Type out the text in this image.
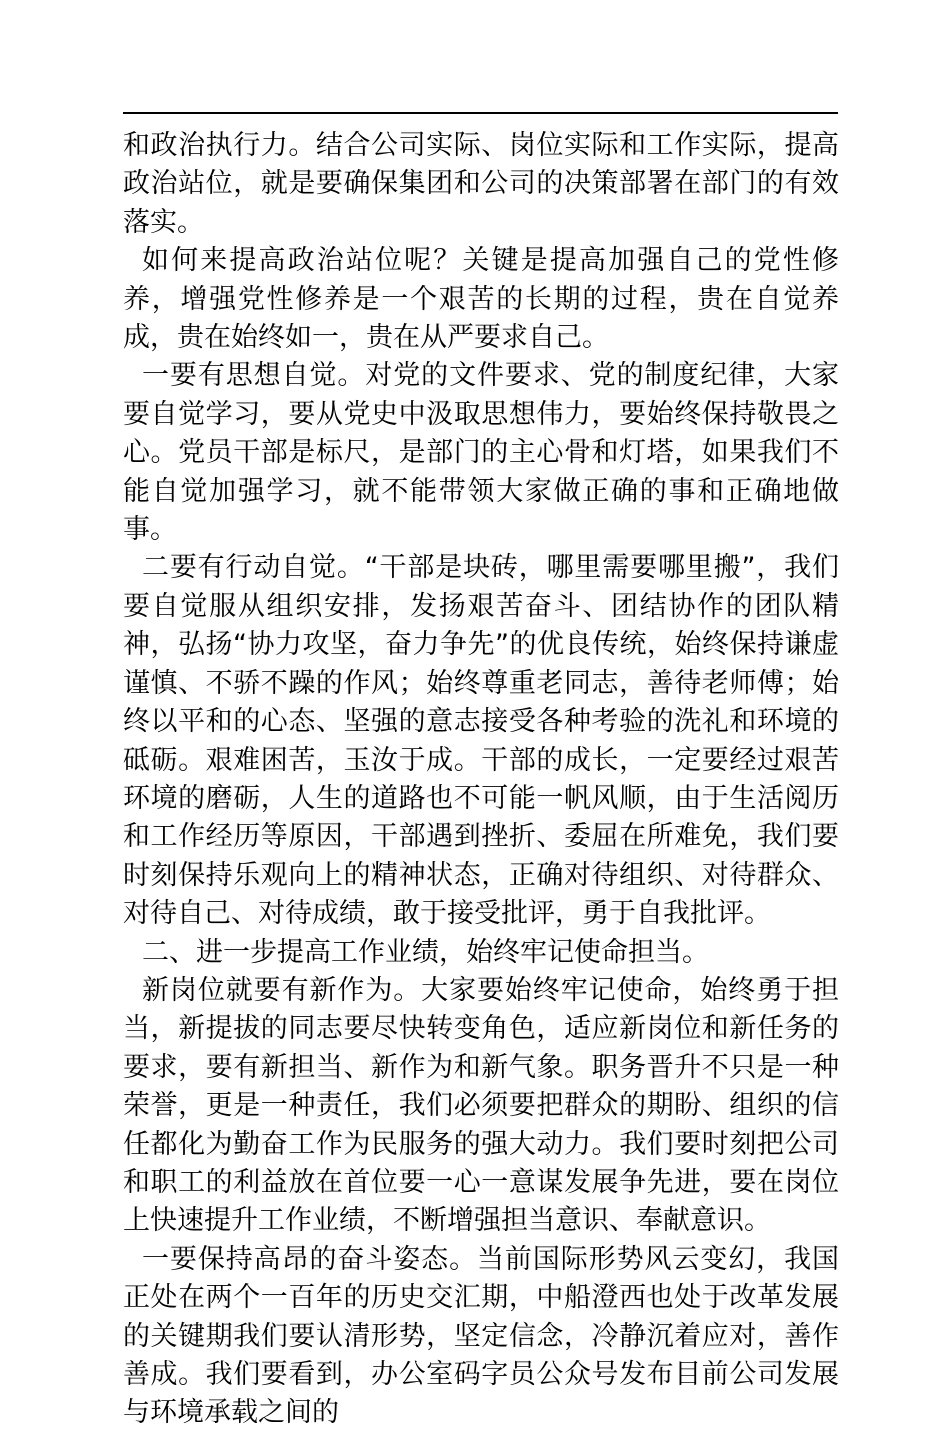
和政治执行力。结合公司实际、岗位实际和工作实际，提高政治站位，就是要确保集团和公司的决策部署在部门的有效落实。

如何来提高政治站位呢？关键是提高加强自己的党性修养，增强党性修养是一个艰苦的长期的过程，贵在自觉养成，贵在始终如一，贵在从严要求自己。

一要有思想自觉。对党的文件要求、党的制度纪律，大家要自觉学习，要从党史中汲取思想伟力，要始终保持敬畏之心。党员干部是标尺，是部门的主心骨和灯塔，如果我们不能自觉加强学习，就不能带领大家做正确的事和正确地做事。

二要有行动自觉。“干部是块砖，哪里需要哪里搬”，我们要自觉服从组织安排，发扬艰苦奋斗、团结协作的团队精神，弘扬“协力攻坚，奋力争先”的优良传统，始终保持谦虚谨慎、不骄不躁的作风；始终尊重老同志，善待老师傅；始终以平和的心态、坚强的意志接受各种考验的洗礼和环境的砥砺。艰难困苦，玉汝于成。干部的成长，一定要经过艰苦环境的磨砺，人生的道路也不可能一帆风顺，由于生活阅历和工作经历等原因，干部遇到挫折、委屈在所难免，我们要时刻保持乐观向上的精神状态，正确对待组织、对待群众、对待自己、对待成绩，敢于接受批评，勇于自我批评。

二、进一步提高工作业绩，始终牢记使命担当。

新岗位就要有新作为。大家要始终牢记使命，始终勇于担当，新提拔的同志要尽快转变角色，适应新岗位和新任务的要求，要有新担当、新作为和新气象。职务晋升不只是一种荣誉，更是一种责任，我们必须要把群众的期盼、组织的信任都化为勤奋工作为民服务的强大动力。我们要时刻把公司和职工的利益放在首位要一心一意谋发展争先进，要在岗位上快速提升工作业绩，不断增强担当意识、奉献意识。

一要保持高昂的奋斗姿态。当前国际形势风云变幻，我国正处在两个一百年的历史交汇期，中船澄西也处于改革发展的关键期我们要认清形势，坚定信念，冷静沉着应对，善作善成。我们要看到，办公室码字员公众号发布目前公司发展与环境承载之间的
